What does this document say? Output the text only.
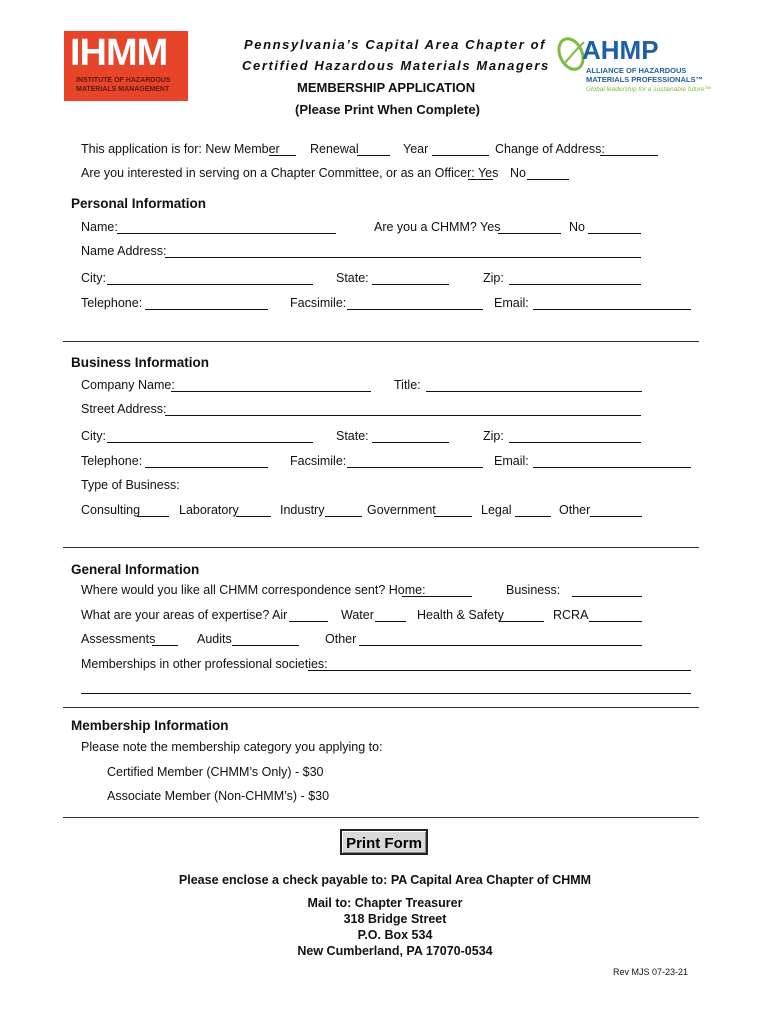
IHMM
INSTITUTE OF HAZARDOUS
MATERIALS MANAGEMENT
AHMP
ALLIANCE OF HAZARDOUS
MATERIALS PROFESSIONALS™
Global leadership for a sustainable future™
Pennsylvania’s Capital Area Chapter of
Certified Hazardous Materials Managers
MEMBERSHIP APPLICATION
(Please Print When Complete)
This application is for: New Member Renewal	Year	Change of Address:
Are you interested in serving on a Chapter Committee, or as an Officer: Yes No
Personal Information
Name:	Are you a CHMM? Yes	No
Name Address:
City:	State:	Zip:
Telephone:	Facsimile:	Email:
Business Information
Company Name:	Title:
Street Address:
City:	State:	Zip:
Telephone:	Facsimile:	Email:
Type of Business:
Consulting	Laboratory	Industry	Government	Legal	Other
General Information
Where would you like all CHMM correspondence sent? Home:	Business:
What are your areas of expertise? Air	Water	Health & Safety	RCRA
Assessments	Audits	Other
Memberships in other professional societies:
Membership Information
Please note the membership category you applying to:
Certified Member (CHMM’s Only) - $30
Associate Member (Non-CHMM’s) - $30
Print Form
Please enclose a check payable to: PA Capital Area Chapter of CHMM
Mail to: Chapter Treasurer
318 Bridge Street
P.O. Box 534
New Cumberland, PA 17070-0534
Rev MJS 07-23-21
